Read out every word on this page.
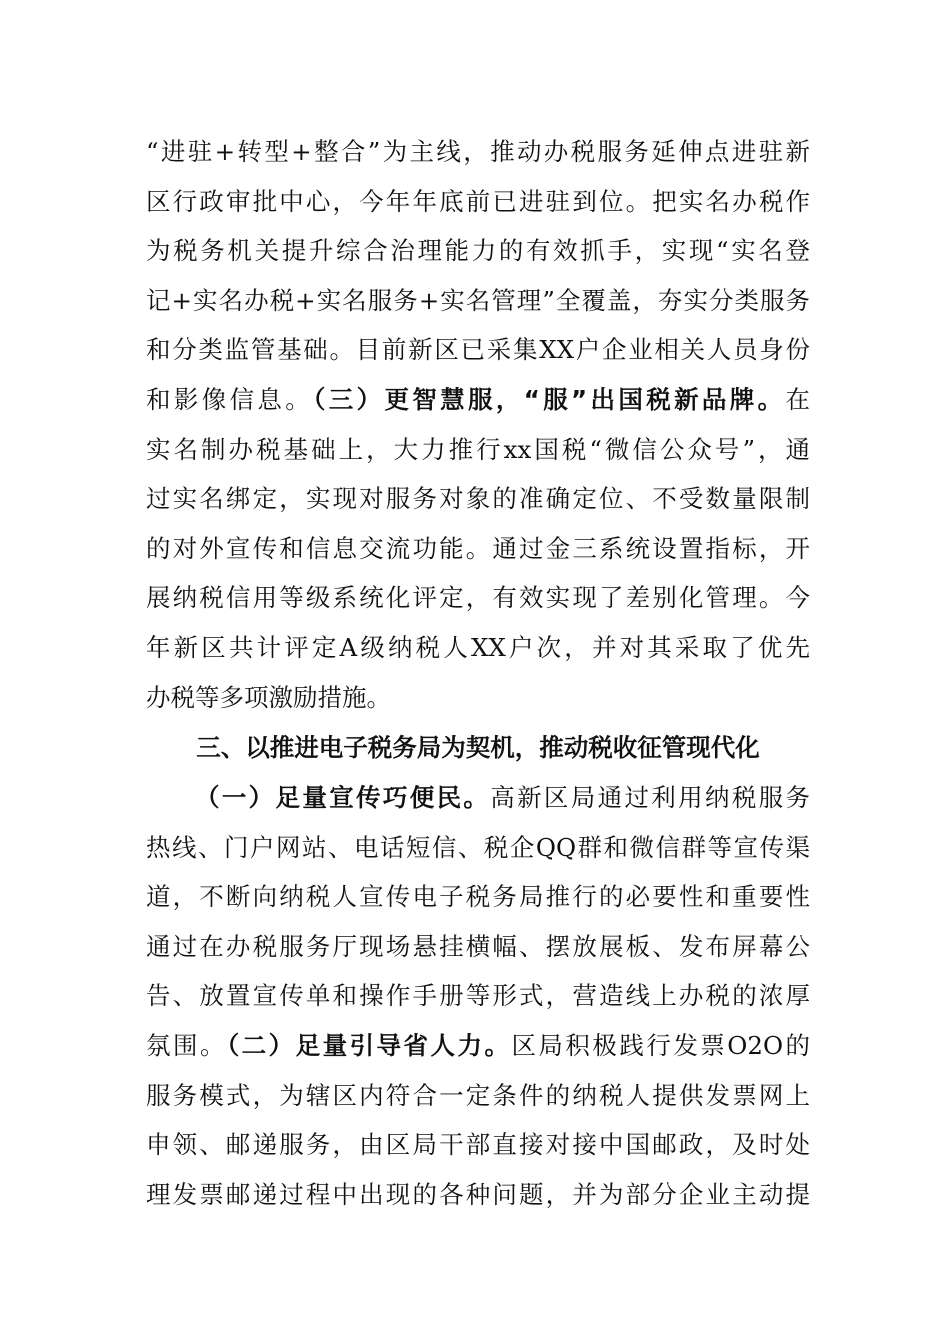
“进驻+转型+整合”为主线，推动办税服务延伸点进驻新
区行政审批中心，今年年底前已进驻到位。把实名办税作
为税务机关提升综合治理能力的有效抓手，实现“实名登
记+实名办税+实名服务+实名管理”全覆盖，夯实分类服务
和分类监管基础。目前新区已采集XX户企业相关人员身份
和影像信息。（三）更智慧服，“服”出国税新品牌。在
实名制办税基础上，大力推行xx国税“微信公众号”，通
过实名绑定，实现对服务对象的准确定位、不受数量限制
的对外宣传和信息交流功能。通过金三系统设置指标，开
展纳税信用等级系统化评定，有效实现了差别化管理。今
年新区共计评定A级纳税人XX户次，并对其采取了优先
办税等多项激励措施。
三、以推进电子税务局为契机，推动税收征管现代化
（一）足量宣传巧便民。高新区局通过利用纳税服务
热线、门户网站、电话短信、税企QQ群和微信群等宣传渠
道，不断向纳税人宣传电子税务局推行的必要性和重要性
通过在办税服务厅现场悬挂横幅、摆放展板、发布屏幕公
告、放置宣传单和操作手册等形式，营造线上办税的浓厚
氛围。（二）足量引导省人力。区局积极践行发票O2O的
服务模式，为辖区内符合一定条件的纳税人提供发票网上
申领、邮递服务，由区局干部直接对接中国邮政，及时处
理发票邮递过程中出现的各种问题，并为部分企业主动提
